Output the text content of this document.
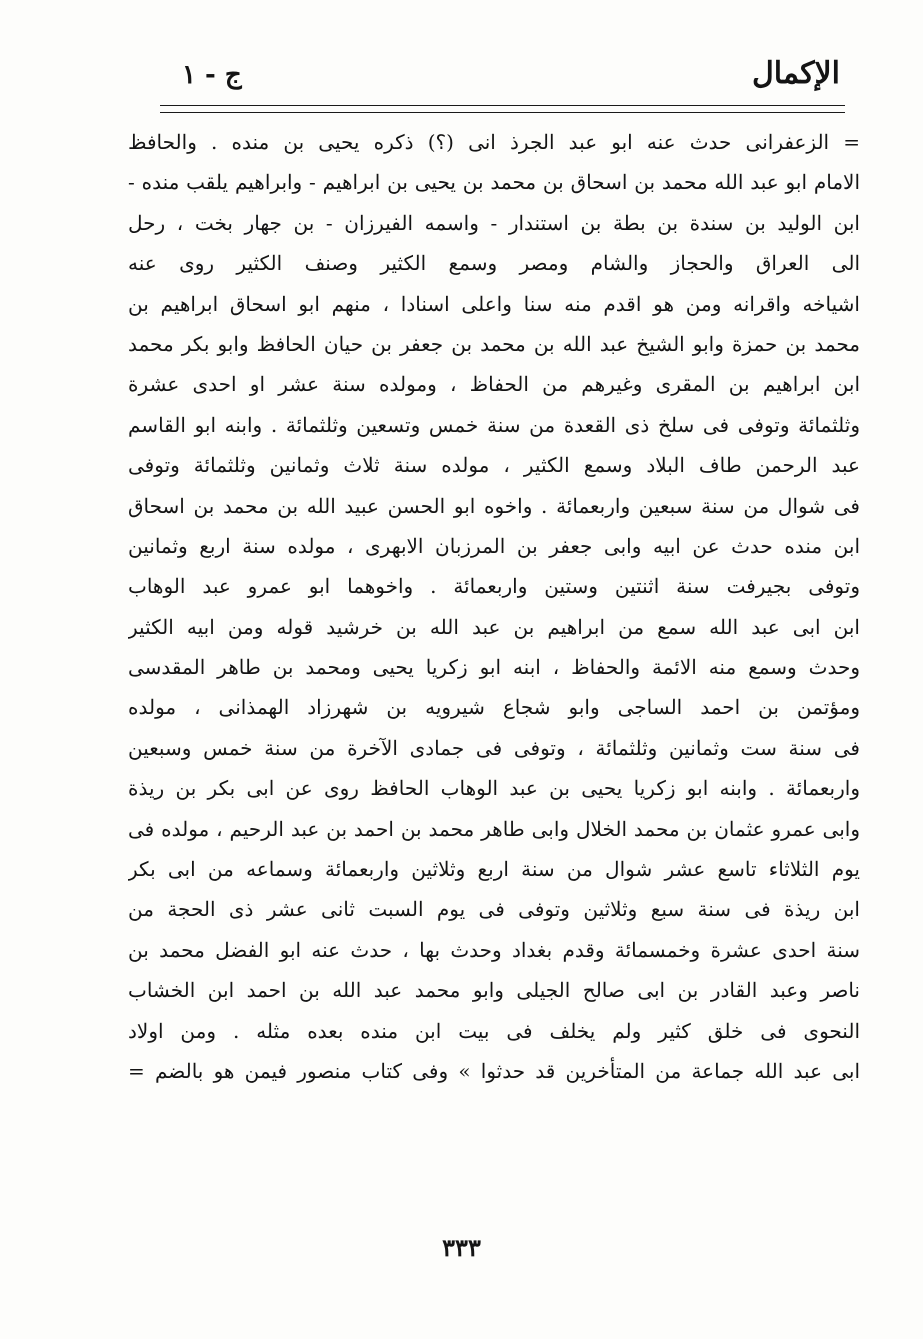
الإكمال
ج - ١
= الزعفرانی حدث عنه ابو عبد الجرذ انی (؟) ذكره يحيی بن منده . والحافظ
الامام ابو عبد الله محمد بن اسحاق بن محمد بن يحيی بن ابراهيم - وابراهيم يلقب منده -
ابن الوليد بن سندة بن بطة بن استندار - واسمه الفيرزان - بن جهار بخت ، رحل
الی العراق والحجاز والشام ومصر وسمع الكثير وصنف الكثير روی عنه
اشياخه واقرانه ومن هو اقدم منه سنا واعلی اسنادا ، منهم ابو اسحاق ابراهيم بن
محمد بن حمزة وابو الشيخ عبد الله بن محمد بن جعفر بن حيان الحافظ وابو بكر محمد
ابن ابراهيم بن المقری وغيرهم من الحفاظ ، ومولده سنة عشر او احدی عشرة
وثلثمائة وتوفی فی سلخ ذی القعدة من سنة خمس وتسعين وثلثمائة . وابنه ابو القاسم
عبد الرحمن طاف البلاد وسمع الكثير ، مولده سنة ثلاث وثمانين وثلثمائة وتوفی
فی شوال من سنة سبعين واربعمائة . واخوه ابو الحسن عبيد الله بن محمد بن اسحاق
ابن منده حدث عن ابيه وابی جعفر بن المرزبان الابهری ، مولده سنة اربع وثمانين
وتوفی بجيرفت سنة اثنتين وستين واربعمائة . واخوهما ابو عمرو عبد الوهاب
ابن ابی عبد الله سمع من ابراهيم بن عبد الله بن خرشيد قوله ومن ابيه الكثير
وحدث وسمع منه الائمة والحفاظ ، ابنه ابو زكريا يحيی ومحمد بن طاهر المقدسی
ومؤتمن بن احمد الساجی وابو شجاع شيرويه بن شهرزاد الهمذانی ، مولده
فی سنة ست وثمانين وثلثمائة ، وتوفی فی جمادی الآخرة من سنة خمس وسبعين
واربعمائة . وابنه ابو زكريا يحيی بن عبد الوهاب الحافظ روی عن ابی بكر بن ريذة
وابی عمرو عثمان بن محمد الخلال وابی طاهر محمد بن احمد بن عبد الرحيم ، مولده فی
يوم الثلاثاء تاسع عشر شوال من سنة اربع وثلاثين واربعمائة وسماعه من ابی بكر
ابن ريذة فی سنة سبع وثلاثين وتوفی فی يوم السبت ثانی عشر ذی الحجة من
سنة احدی عشرة وخمسمائة وقدم بغداد وحدث بها ، حدث عنه ابو الفضل محمد بن
ناصر وعبد القادر بن ابی صالح الجيلی وابو محمد عبد الله بن احمد ابن الخشاب
النحوی فی خلق كثير ولم يخلف فی بيت ابن منده بعده مثله . ومن اولاد
ابی عبد الله جماعة من المتأخرين قد حدثوا » وفی كتاب منصور فيمن هو بالضم =
٣٣٣
